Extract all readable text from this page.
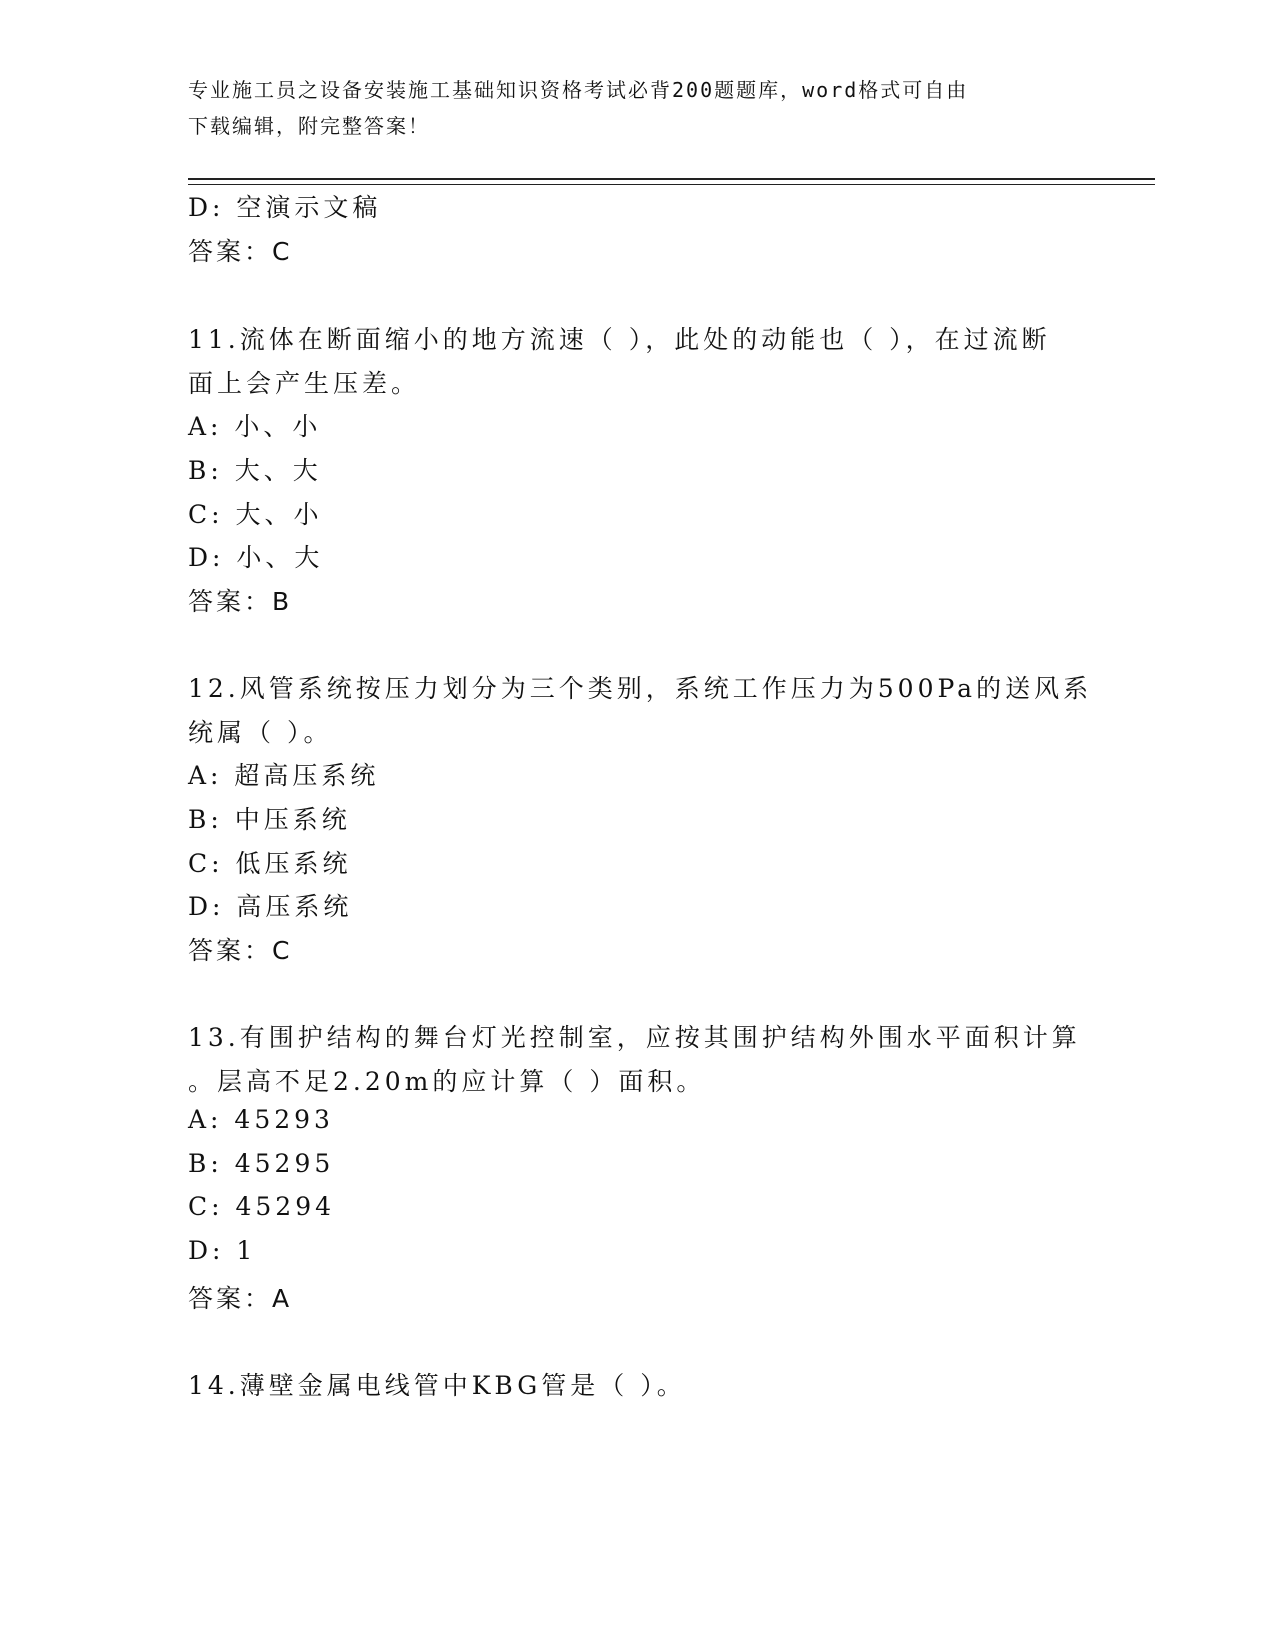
专业施工员之设备安装施工基础知识资格考试必背200题题库，word格式可自由
下载编辑，附完整答案！
D: 空演示文稿
答案：C
11.流体在断面缩小的地方流速（ ），此处的动能也（ ），在过流断
面上会产生压差。
A: 小、小
B: 大、大
C: 大、小
D: 小、大
答案：B
12.风管系统按压力划分为三个类别，系统工作压力为500Pa的送风系
统属（ ）。
A: 超高压系统
B: 中压系统
C: 低压系统
D: 高压系统
答案：C
13.有围护结构的舞台灯光控制室，应按其围护结构外围水平面积计算
。层高不足2.20m的应计算（ ）面积。
A: 45293
B: 45295
C: 45294
D: 1
答案：A
14.薄壁金属电线管中KBG管是（ ）。
